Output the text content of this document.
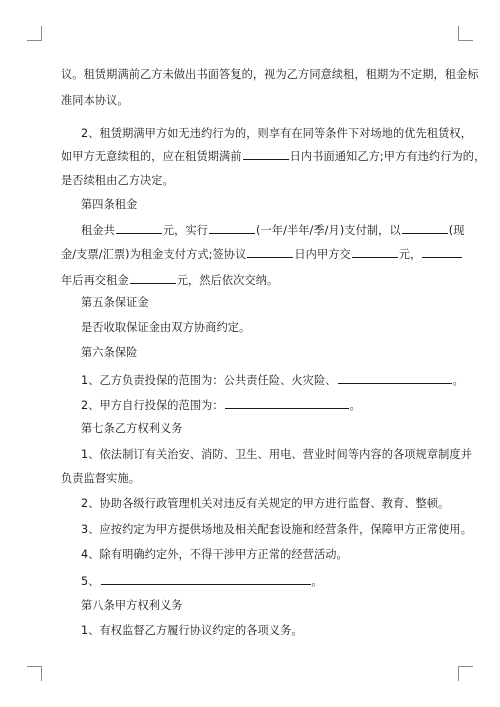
议。租赁期满前乙方未做出书面答复的，视为乙方同意续租，租期为不定期，租金标
准同本协议。
2、租赁期满甲方如无违约行为的，则享有在同等条件下对场地的优先租赁权，
如甲方无意续租的，应在租赁期满前	日内书面通知乙方;甲方有违约行为的，
是否续租由乙方决定。
第四条租金
租金共	元，实行	(一年/半年/季/月)支付制，以	(现
金/支票/汇票)为租金支付方式;签协议	日内甲方交	元，
年后再交租金	元，然后依次交纳。
第五条保证金
是否收取保证金由双方协商约定。
第六条保险
1、乙方负责投保的范围为：公共责任险、火灾险、	。
2、甲方自行投保的范围为：	。
第七条乙方权利义务
1、依法制订有关治安、消防、卫生、用电、营业时间等内容的各项规章制度并
负责监督实施。
2、协助各级行政管理机关对违反有关规定的甲方进行监督、教育、整顿。
3、应按约定为甲方提供场地及相关配套设施和经营条件，保障甲方正常使用。
4、除有明确约定外，不得干涉甲方正常的经营活动。
5、	。
第八条甲方权利义务
1、有权监督乙方履行协议约定的各项义务。
